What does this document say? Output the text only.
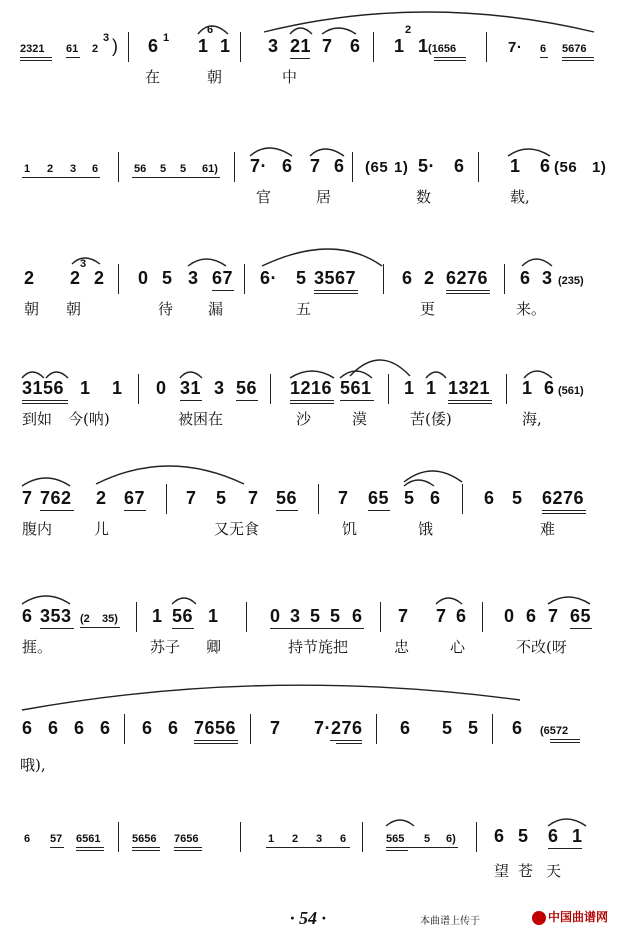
2321 61 2
3 ) 6 1 1
6
1 3 21 7 6 1
2
1 (1656	7· 6 5676
在	朝	中
1 2 3 6	56 5 5 61) 7· 6 7 6 (65 1) 5· 6	1 6 (56 1)
官	居	数	载,
2 2
3
2 0 5 3 67 6· 5 3567	6 2 6276 6 3 (235)
朝 朝	待 漏	五	更	来。
3156 1 1 0 31 3 56 1216 561 1 1 1321 1 6 (561)
到如 今(呐)	被困在	沙	漠	苦(倭)	海,
7 762 2 67 7 5 7 56 7 65 5 6 6 5 6276
腹内	儿	又无食	饥	饿	难
6 353 (2 35) 1 56 1	0 3 5 5 6 7 7 6 0 6 7 65
捱。	苏子 卿	持节旄把	忠	心	不改(呀
6 6 6 6 6 6 7656 7 7·276 6 5 5 6 (6572
哦),
6 57 6561	5656 7656	1 2 3 6	565 5 6) 6 5 6 1
望 苍 天
· 54 ·	本曲谱上传于	中国曲谱网
